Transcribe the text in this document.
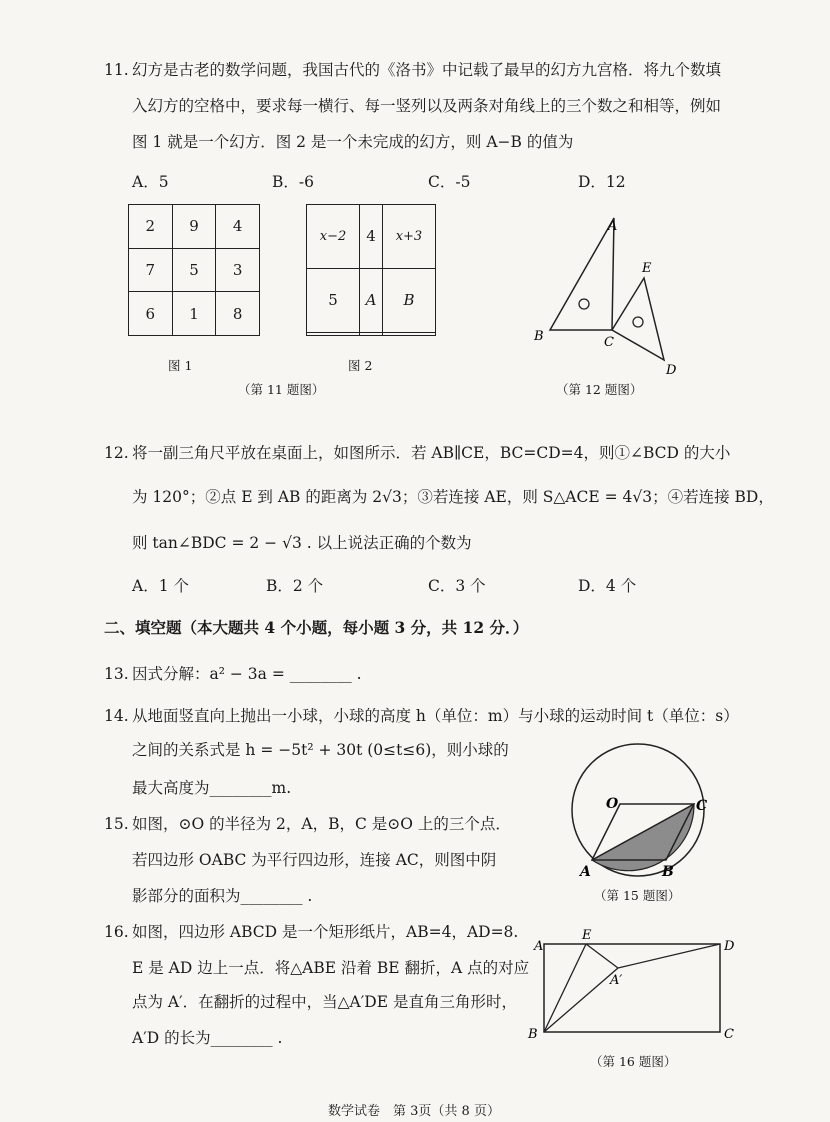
11. 幻方是古老的数学问题，我国古代的《洛书》中记载了最早的幻方九宫格．将九个数填
入幻方的空格中，要求每一横行、每一竖列以及两条对角线上的三个数之和相等，例如
图 1 就是一个幻方．图 2 是一个未完成的幻方，则 A−B 的值为
A．5	B．-6	C．-5	D．12
2	9	4
7	5	3
6	1	8
图 1
x−2	4	x+3
5	A	B

图 2
（第 11 题图）
A
B	C
D
E
（第 12 题图）
12. 将一副三角尺平放在桌面上，如图所示．若 AB∥CE，BC=CD=4，则①∠BCD 的大小
为 120°；②点 E 到 AB 的距离为 2√3；③若连接 AE，则 S△ACE = 4√3；④若连接 BD，
则 tan∠BDC = 2 − √3 . 以上说法正确的个数为
A．1 个	B．2 个	C．3 个	D．4 个
二、填空题（本大题共 4 个小题，每小题 3 分，共 12 分．）
13. 因式分解：a² − 3a = ________ .
14. 从地面竖直向上抛出一小球，小球的高度 h（单位：m）与小球的运动时间 t（单位：s）
之间的关系式是 h = −5t² + 30t (0≤t≤6)，则小球的
最大高度为________m.
15. 如图，⊙O 的半径为 2，A，B，C 是⊙O 上的三个点．
若四边形 OABC 为平行四边形，连接 AC，则图中阴
影部分的面积为________ .
O
A	B
C
（第 15 题图）
16. 如图，四边形 ABCD 是一个矩形纸片，AB=4，AD=8.
E 是 AD 边上一点．将△ABE 沿着 BE 翻折，A 点的对应
点为 A′．在翻折的过程中，当△A′DE 是直角三角形时，
A′D 的长为________ .
A
B	C
D
E
A′
（第 16 题图）
数学试卷　第 3页（共 8 页）
